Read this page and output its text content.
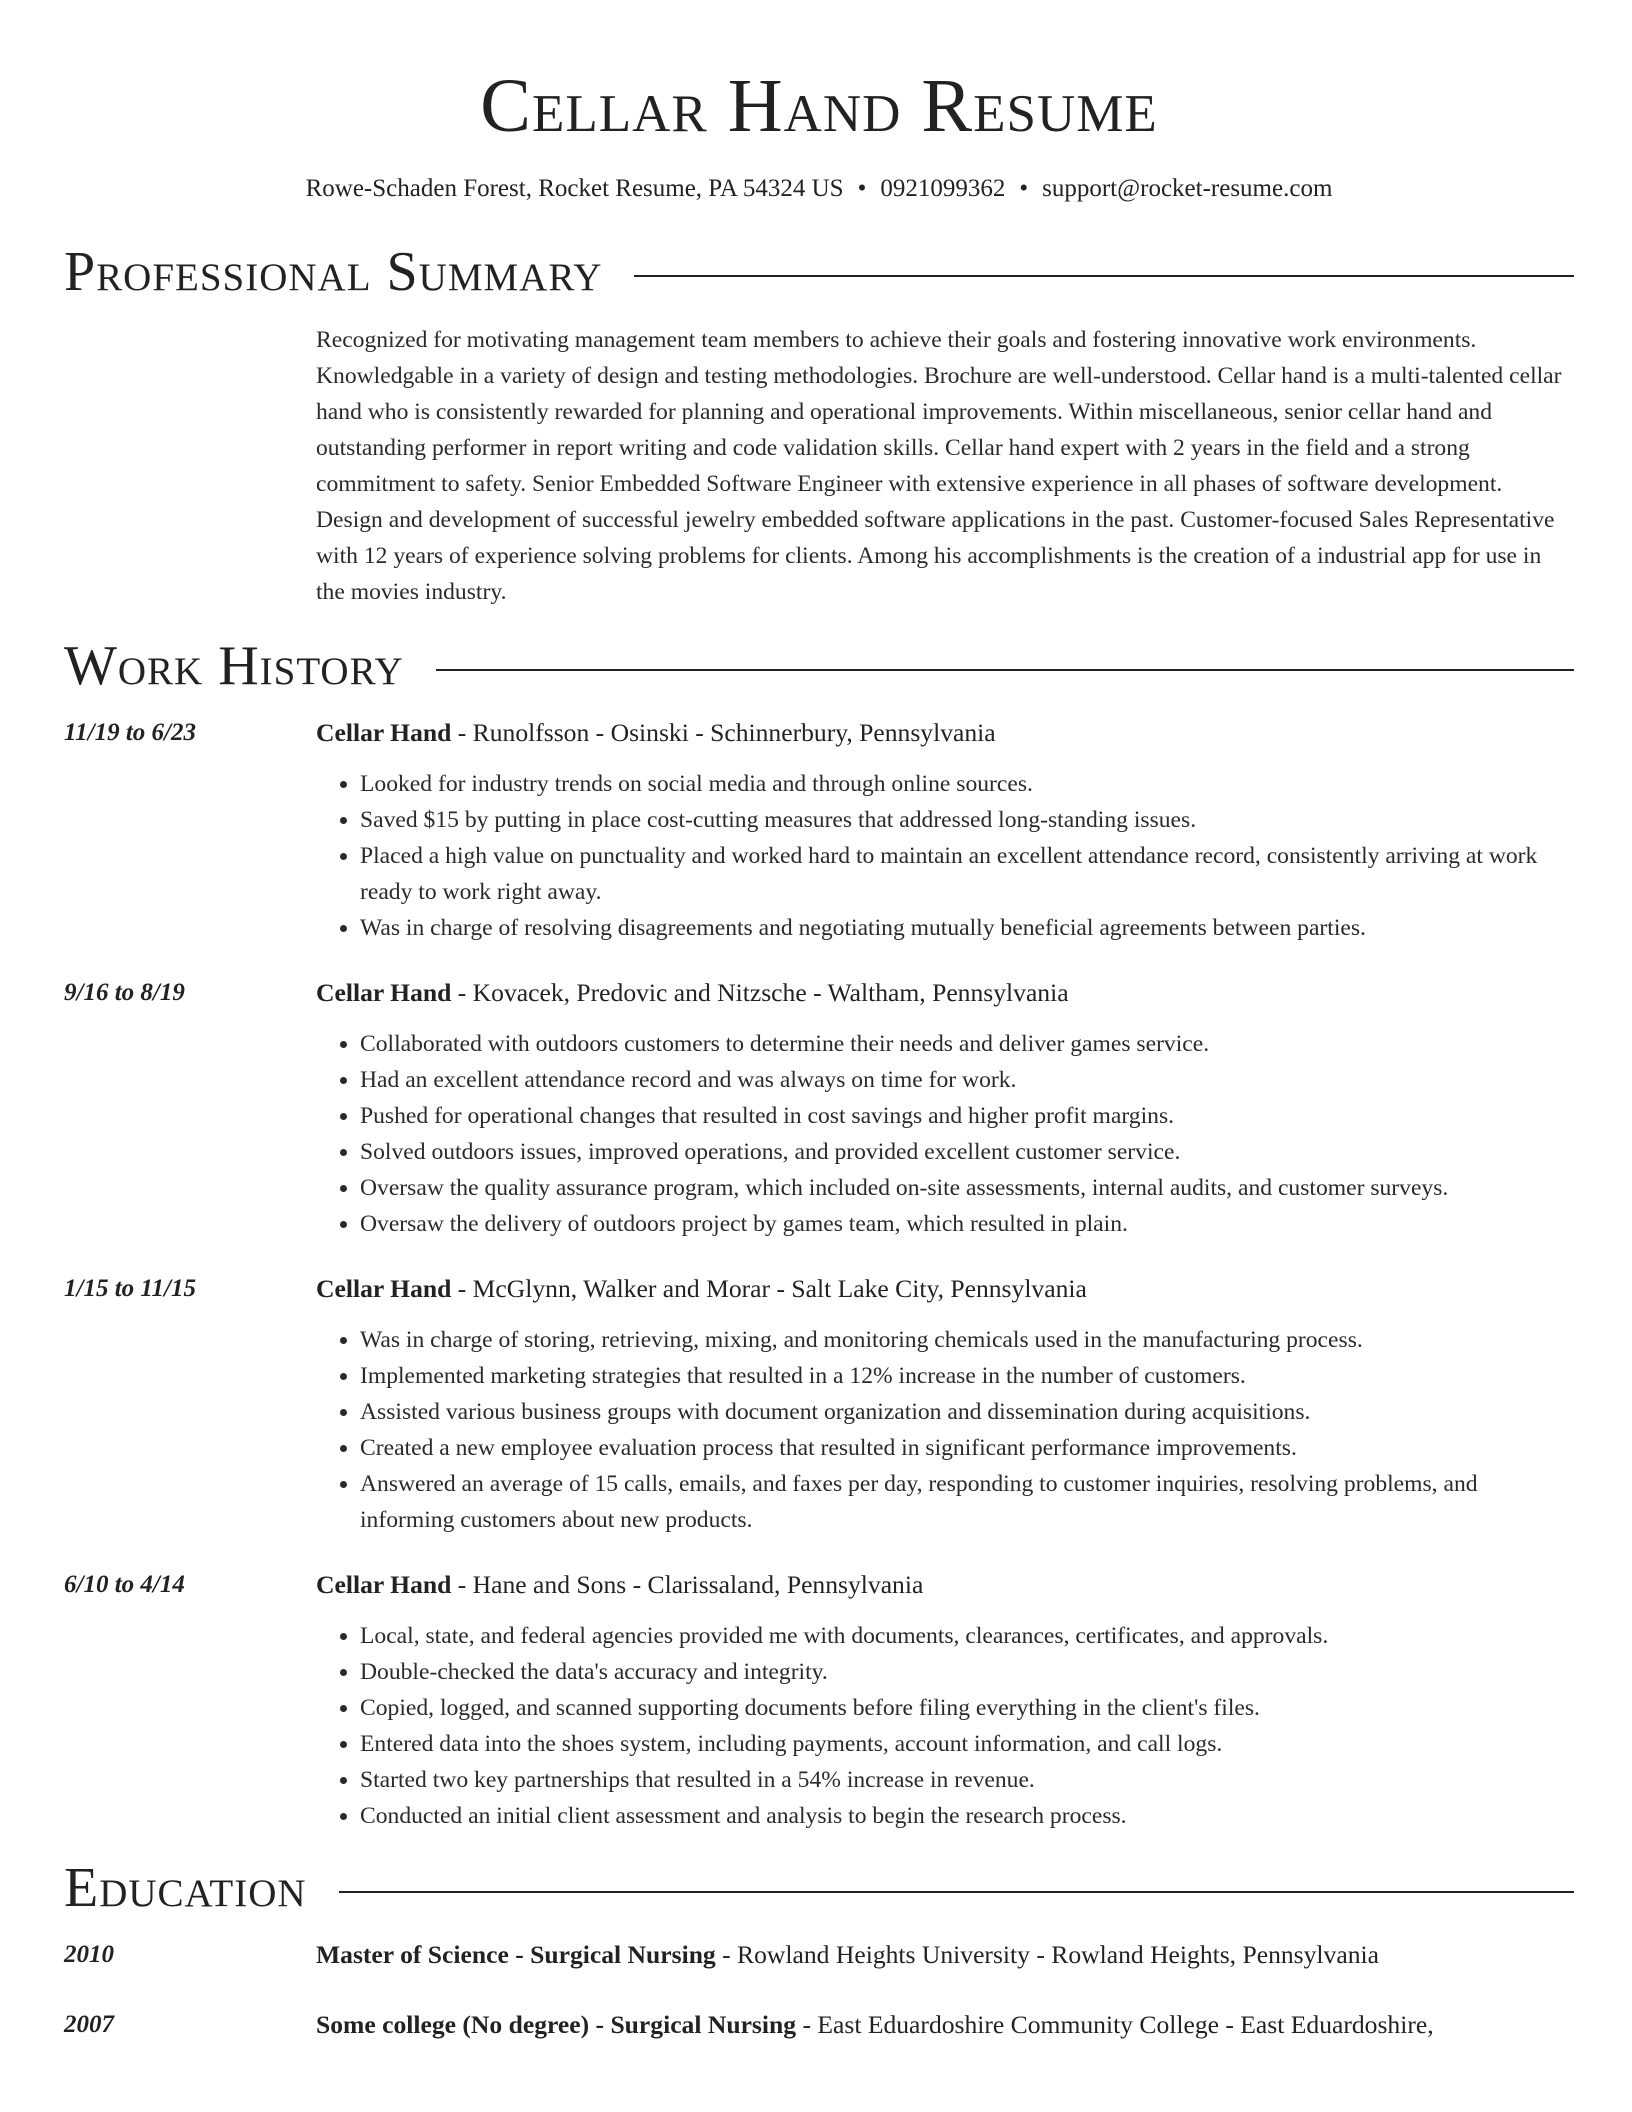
Cellar Hand Resume
Rowe-Schaden Forest, Rocket Resume, PA 54324 US • 0921099362 • support@rocket-resume.com
Professional Summary
Recognized for motivating management team members to achieve their goals and fostering innovative work environments. Knowledgable in a variety of design and testing methodologies. Brochure are well-understood. Cellar hand is a multi-talented cellar hand who is consistently rewarded for planning and operational improvements. Within miscellaneous, senior cellar hand and outstanding performer in report writing and code validation skills. Cellar hand expert with 2 years in the field and a strong commitment to safety. Senior Embedded Software Engineer with extensive experience in all phases of software development. Design and development of successful jewelry embedded software applications in the past. Customer-focused Sales Representative with 12 years of experience solving problems for clients. Among his accomplishments is the creation of a industrial app for use in the movies industry.
Work History
11/19 to 6/23	Cellar Hand - Runolfsson - Osinski - Schinnerbury, Pennsylvania
• Looked for industry trends on social media and through online sources.
• Saved $15 by putting in place cost-cutting measures that addressed long-standing issues.
• Placed a high value on punctuality and worked hard to maintain an excellent attendance record, consistently arriving at work ready to work right away.
• Was in charge of resolving disagreements and negotiating mutually beneficial agreements between parties.
9/16 to 8/19	Cellar Hand - Kovacek, Predovic and Nitzsche - Waltham, Pennsylvania
• Collaborated with outdoors customers to determine their needs and deliver games service.
• Had an excellent attendance record and was always on time for work.
• Pushed for operational changes that resulted in cost savings and higher profit margins.
• Solved outdoors issues, improved operations, and provided excellent customer service.
• Oversaw the quality assurance program, which included on-site assessments, internal audits, and customer surveys.
• Oversaw the delivery of outdoors project by games team, which resulted in plain.
1/15 to 11/15	Cellar Hand - McGlynn, Walker and Morar - Salt Lake City, Pennsylvania
• Was in charge of storing, retrieving, mixing, and monitoring chemicals used in the manufacturing process.
• Implemented marketing strategies that resulted in a 12% increase in the number of customers.
• Assisted various business groups with document organization and dissemination during acquisitions.
• Created a new employee evaluation process that resulted in significant performance improvements.
• Answered an average of 15 calls, emails, and faxes per day, responding to customer inquiries, resolving problems, and informing customers about new products.
6/10 to 4/14	Cellar Hand - Hane and Sons - Clarissaland, Pennsylvania
• Local, state, and federal agencies provided me with documents, clearances, certificates, and approvals.
• Double-checked the data's accuracy and integrity.
• Copied, logged, and scanned supporting documents before filing everything in the client's files.
• Entered data into the shoes system, including payments, account information, and call logs.
• Started two key partnerships that resulted in a 54% increase in revenue.
• Conducted an initial client assessment and analysis to begin the research process.
Education
2010	Master of Science - Surgical Nursing - Rowland Heights University - Rowland Heights, Pennsylvania
2007	Some college (No degree) - Surgical Nursing - East Eduardoshire Community College - East Eduardoshire,
